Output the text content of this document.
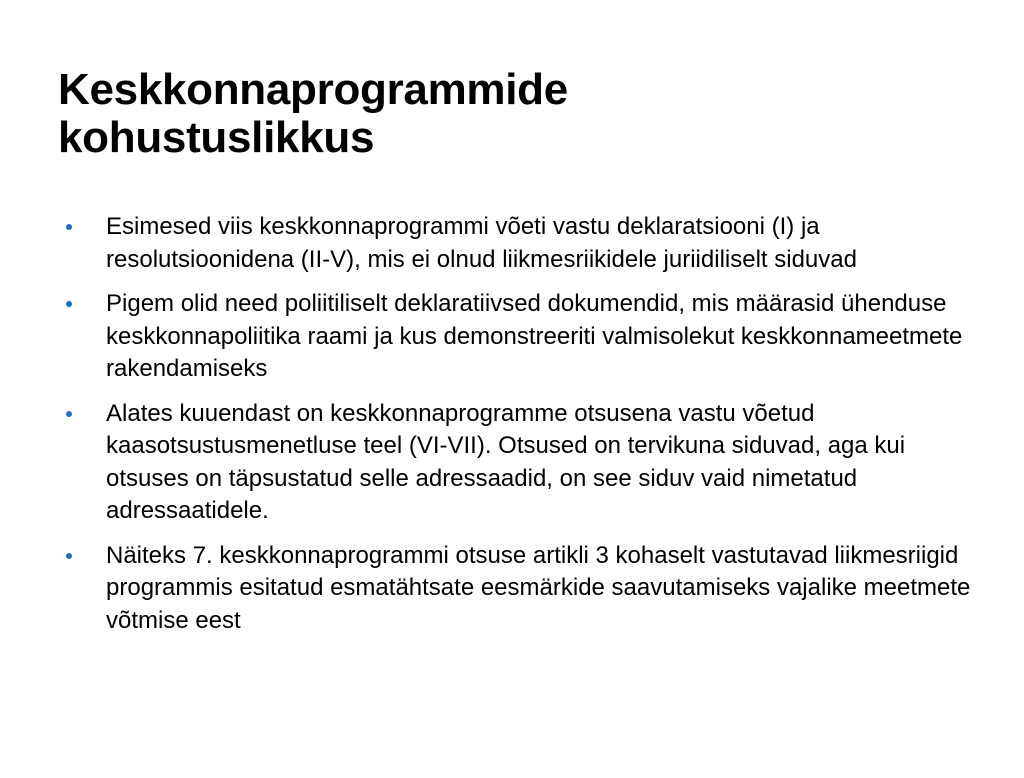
Keskkonnaprogrammide
kohustuslikkus
Esimesed viis keskkonnaprogrammi võeti vastu deklaratsiooni (I) ja resolutsioonidena (II-V), mis ei olnud liikmesriikidele juriidiliselt siduvad
Pigem olid need poliitiliselt deklaratiivsed dokumendid, mis määrasid ühenduse keskkonnapoliitika raami ja kus demonstreeriti valmisolekut keskkonnameetmete rakendamiseks
Alates kuuendast on keskkonnaprogramme otsusena vastu võetud kaasotsustusmenetluse teel (VI-VII). Otsused on tervikuna siduvad, aga kui otsuses on täpsustatud selle adressaadid, on see siduv vaid nimetatud adressaatidele.
Näiteks 7. keskkonnaprogrammi otsuse artikli 3 kohaselt vastutavad liikmesriigid programmis esitatud esmatähtsate eesmärkide saavutamiseks vajalike meetmete võtmise eest
